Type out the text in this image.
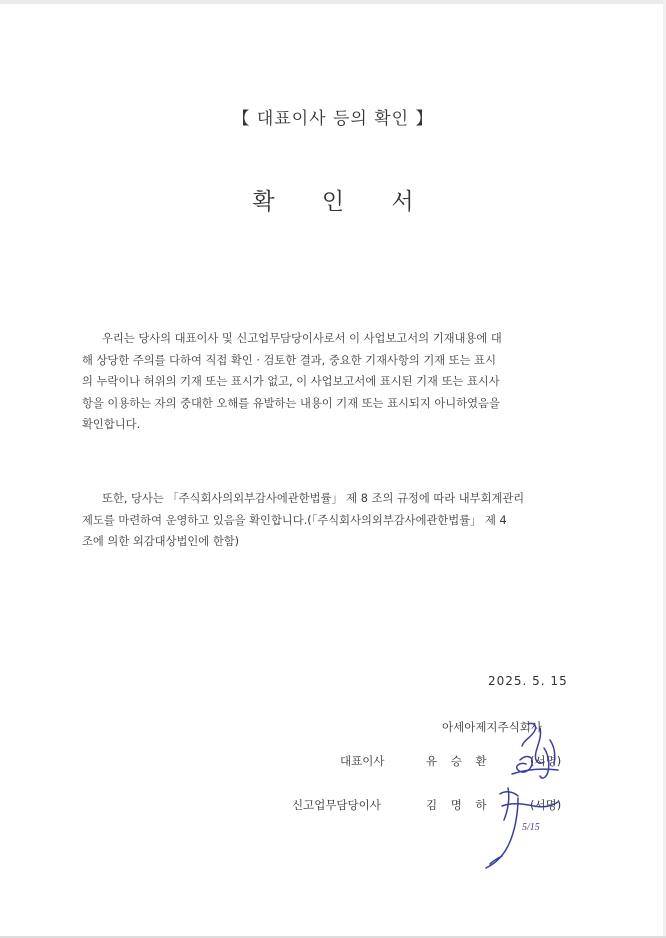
【 대표이사 등의 확인 】
확 인 서
우리는 당사의 대표이사 및 신고업무담당이사로서 이 사업보고서의 기재내용에 대
해 상당한 주의를 다하여 직접 확인 · 검토한 결과, 중요한 기재사항의 기재 또는 표시
의 누락이나 허위의 기재 또는 표시가 없고, 이 사업보고서에 표시된 기재 또는 표시사
항을 이용하는 자의 중대한 오해를 유발하는 내용이 기재 또는 표시되지 아니하였음을
확인합니다.
또한, 당사는 「주식회사의외부감사에관한법률」 제 8 조의 규정에 따라 내부회계관리
제도를 마련하여 운영하고 있음을 확인합니다.(「주식회사의외부감사에관한법률」 제 4
조에 의한 외감대상법인에 한함)
2025. 5. 15
아세아제지주식회사
대표이사	유 승 환	(서명)
신고업무담당이사	김 명 하	(서명)
5/15
